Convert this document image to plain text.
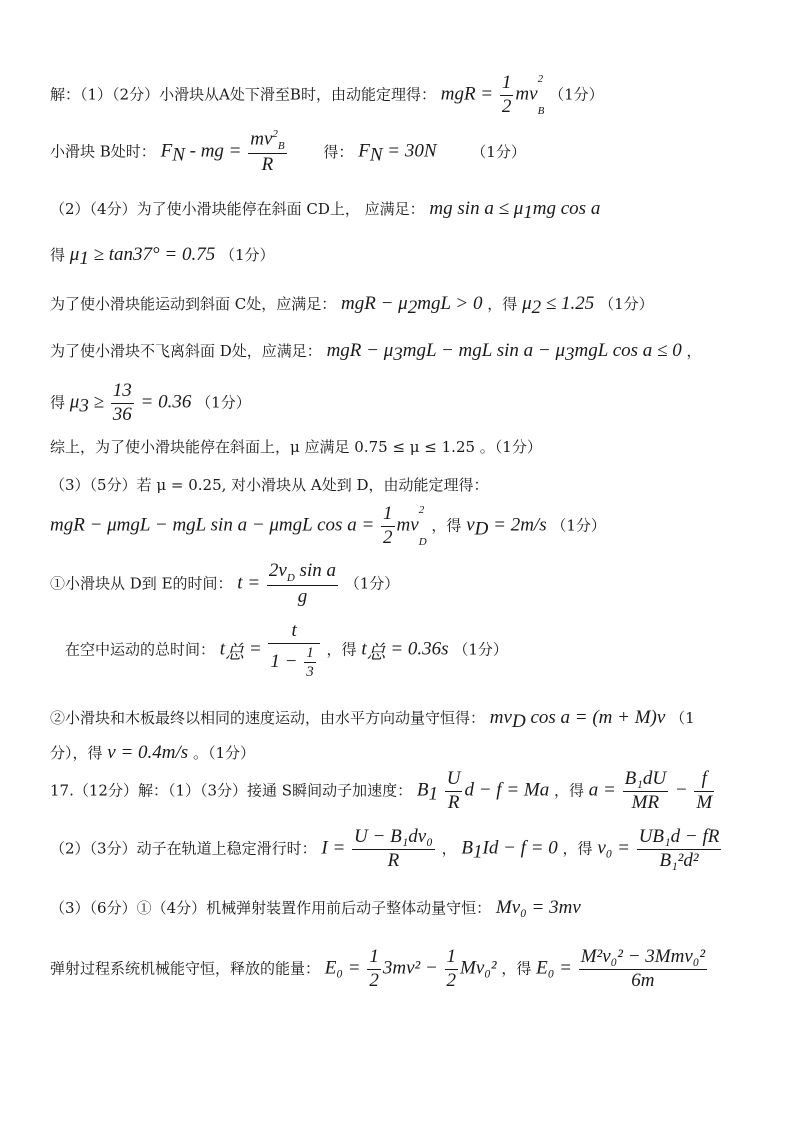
解：（1）（2分）小滑块从A处下滑至B时，由动能定理得： mgR = $\frac{1}{2} mv^2$
$_B$ （1分）
小滑块 B处时： $F_N$ - mg = $\frac{mv^2_B}{R}$ 得： $F_N = 30N$ （1分）
（2）（4分）为了使小滑块能停在斜面 CD上， 应满足： mg $\sin a \le \mu_1mg$ cos a
得 $\mu_1 \ge \tan 37^\circ = 0.75$ （1分）
为了使小滑块能运动到斜面 C处，应满足： mgR − $\mu_2mgL > 0$ ，得 $\mu_2 \le 1.25$ （1分）
为了使小滑块不飞离斜面 D处，应满足： mgR − $\mu_3mgL$ − mgL $\sin a - \mu_3mgL$ cos a ≤ 0 ，
得 $\mu_3 \ge \frac{13}{36} = 0.36$ （1分）
综上，为了使小滑块能停在斜面上，μ 应满足 0.75 ≤ μ ≤ 1.25 。（1分）
（3）（5分）若 μ = 0.25, 对小滑块从 A处到 D，由动能定理得：
mgR − μmgL − mgL sin a − μmgL $\cos a = \frac{1}{2} mv^2$
$_D$ ，得 $v_D = 2m/s$ （1分）
①小滑块从 D到 E的时间： $t = \frac{2v_D \sin a}{g} (1$分）
在空中运动的总时间： $t_总 = \frac{t}{1 - \frac{1}{3}}$ ，得 $t_总 = 0.36s$ （1分）
②小滑块和木板最终以相同的速度运动，由水平方向动量守恒得： $mv_D$ cos a = (m + M)v （1
分），得 v = 0.4m/s 。（1分）
17.（12分）解：（1）（3分）接通 S瞬间动子加速度： $B_1 \frac{U}{R}$ d − f = Ma ，得 $a = \frac{\text{B₁dU}}{MR} - \frac{f}{M}$
（2）（3分）动子在轨道上稳定滑行时： $I = \frac{\text{U − B₁dv₀}}{R}$ ， $B_1Id - f = 0$ ，得 $v_0 = \frac{\text{UB₁d − fR}}{\text{B₁²d²}}$
（3）（6分）①（4分）机械弹射装置作用前后动子整体动量守恒： Mv₀ = 3mv
弹射过程系统机械能守恒，释放的能量： $E_0 = \frac{1}{2} 3mv^2 - \frac{1}{2} Mv_0^2$ ，得 $E_0 = \frac{\text{M²v₀² − 3Mmv₀²}}{6m}$
